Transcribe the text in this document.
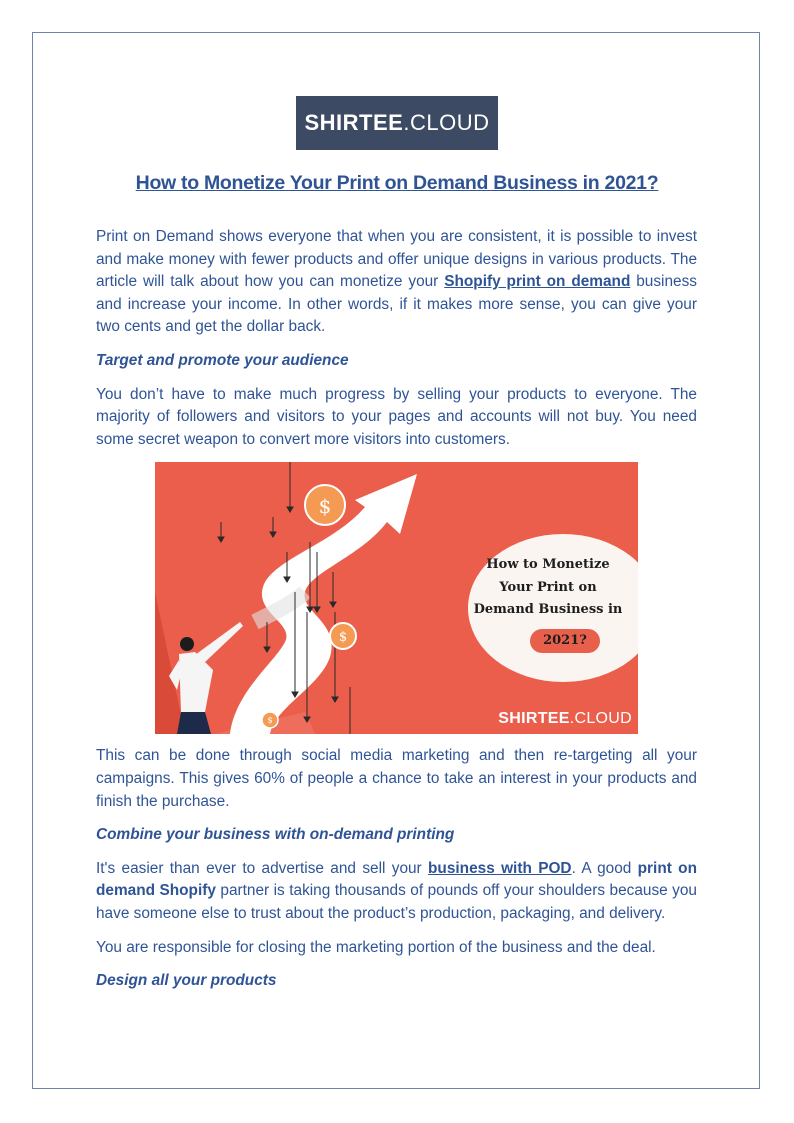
SHIRTEE .CLOUD
How to Monetize Your Print on Demand Business in 2021?

Print on Demand shows everyone that when you are consistent, it is possible to invest and make money with fewer products and offer unique designs in various products. The article will talk about how you can monetize your Shopify print on demand business and increase your income. In other words, if it makes more sense, you can give your two cents and get the dollar back.

Target and promote your audience

You don’t have to make much progress by selling your products to everyone. The majority of followers and visitors to your pages and accounts will not buy. You need some secret weapon to convert more visitors into customers.

$
$
$
How to Monetize
Your Print on
Demand Business in
2021?
SHIRTEE.CLOUD

This can be done through social media marketing and then re-targeting all your campaigns. This gives 60% of people a chance to take an interest in your products and finish the purchase.

Combine your business with on-demand printing

It's easier than ever to advertise and sell your business with POD. A good print on demand Shopify partner is taking thousands of pounds off your shoulders because you have someone else to trust about the product’s production, packaging, and delivery.

You are responsible for closing the marketing portion of the business and the deal.

Design all your products
